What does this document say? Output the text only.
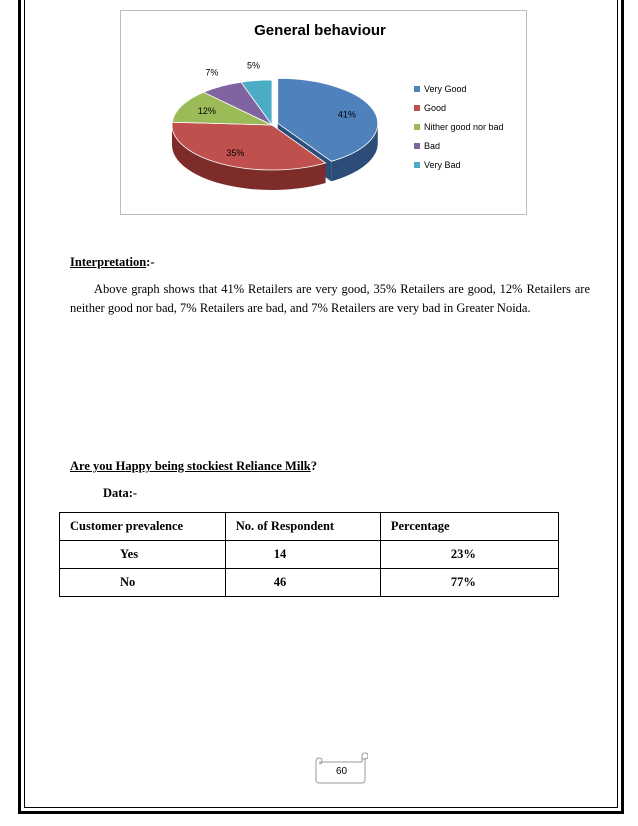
General behaviour
41%
35%
12%
7%
5%
Very Good
Good
Nither good nor bad
Bad
Very Bad
Interpretation:-
Above graph shows that 41% Retailers are very good, 35% Retailers are good, 12% Retailers are neither good nor bad, 7% Retailers are bad, and 7% Retailers are very bad in Greater Noida.
Are you Happy being stockiest Reliance Milk?
Data:-
Customer prevalence	No. of Respondent	Percentage
Yes	14	23%
No	46	77%
60
